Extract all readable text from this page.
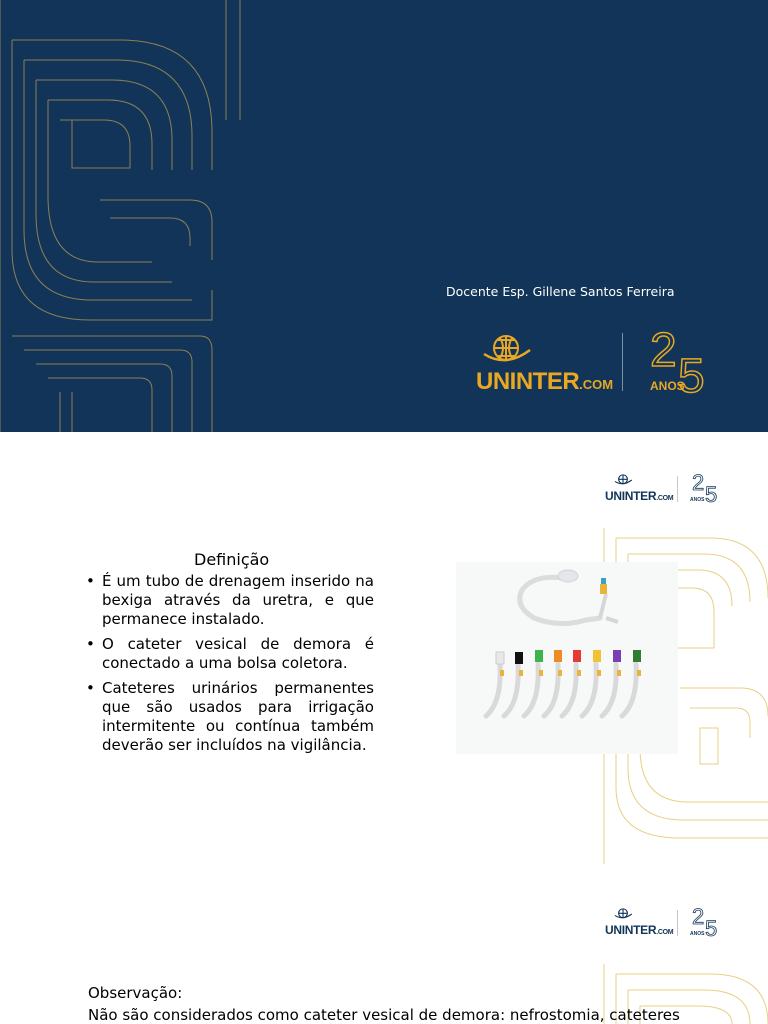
Docente Esp. Gillene Santos Ferreira
UNINTER.COM
2 5
ANOS
UNINTER.COM
2 5
ANOS
Definição
• É um tubo de drenagem inserido na bexiga através da uretra, e que permanece instalado.
• O cateter vesical de demora é conectado a uma bolsa coletora.
• Cateteres urinários permanentes que são usados para irrigação intermitente ou contínua também deverão ser incluídos na vigilância.
UNINTER.COM
2 5
ANOS
Observação:
Não são considerados como cateter vesical de demora: nefrostomia, cateteres
